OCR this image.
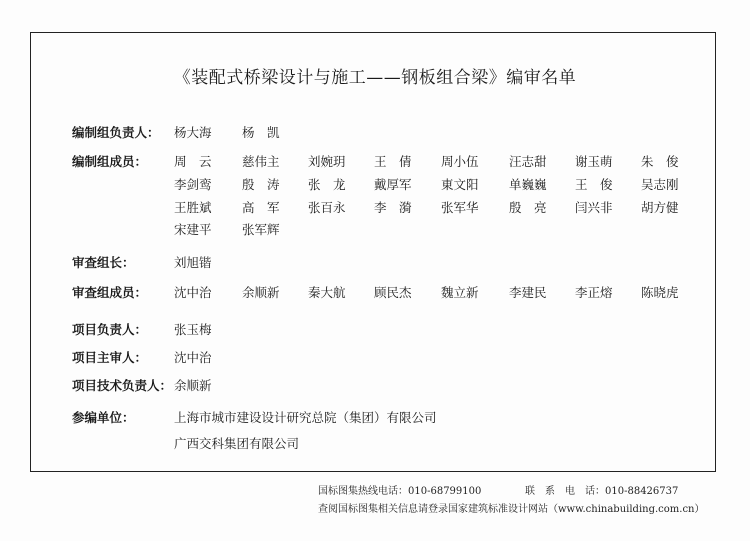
《装配式桥梁设计与施工——钢板组合梁》编审名单
编制组负责人：	杨大海 杨　凯
编制组成员：	周　云 慈伟主 刘婉玥 王　倩 周小伍 汪志甜 谢玉萌 朱　俊
李剑鸾 殷　涛 张　龙 戴厚军 東文阳 单巍巍 王　俊 吴志刚
王胜斌 高　军 张百永 李　漪 张军华 殷　亮 闫兴非 胡方健
宋建平 张军辉
审查组长：	刘旭锴
审查组成员：	沈中治 余顺新 秦大航 顾民杰 魏立新 李建民 李正熔 陈晓虎
项目负责人：	张玉梅
项目主审人：	沈中治
项目技术负责人： 余顺新
参编单位：	上海市城市建设设计研究总院（集团）有限公司
广西交科集团有限公司
国标图集热线电话：010-68799100	联　系　电　话：010-88426737
查阅国标图集相关信息请登录国家建筑标准设计网站（www.chinabuilding.com.cn）
